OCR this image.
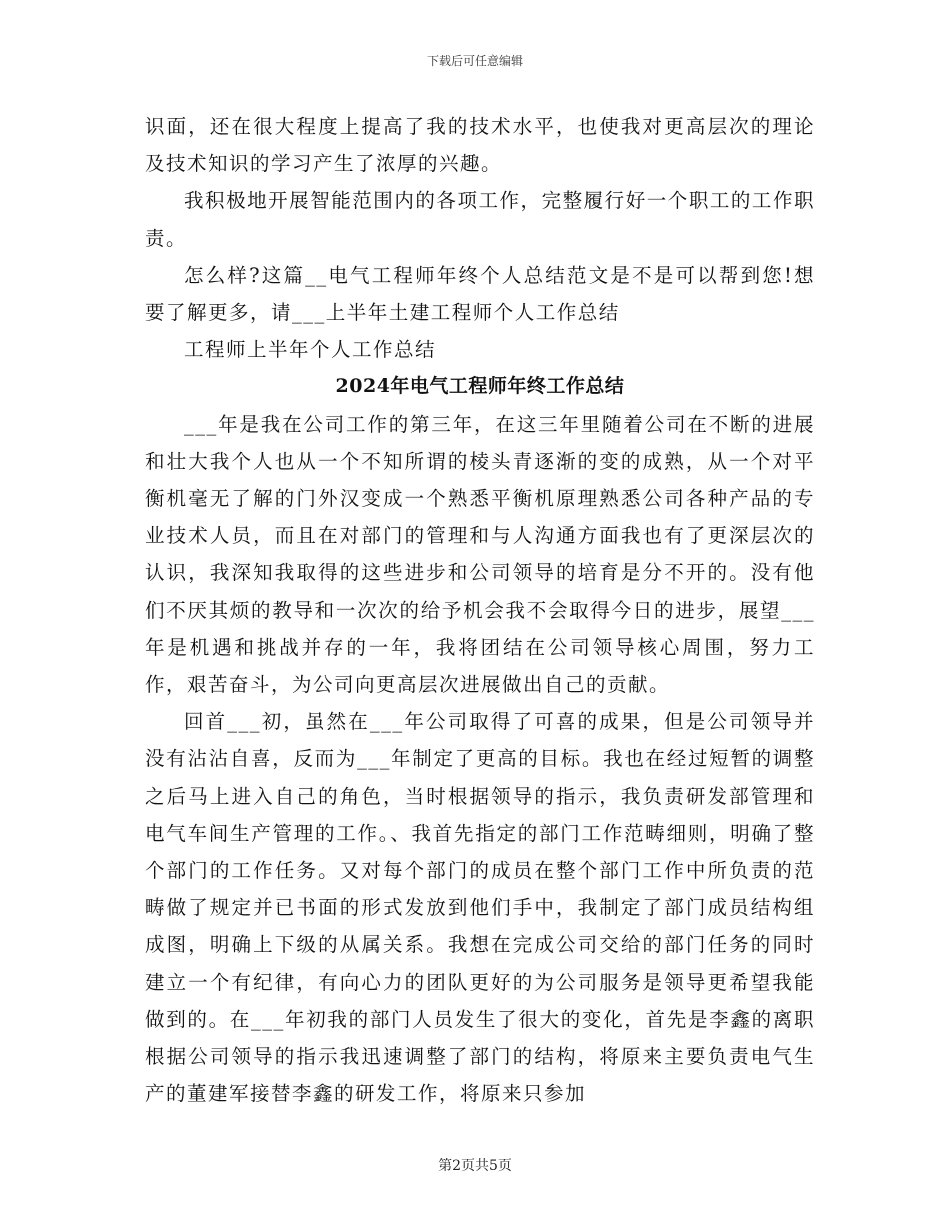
下载后可任意编辑

识面，还在很大程度上提高了我的技术水平，也使我对更高层次的理论及技术知识的学习产生了浓厚的兴趣。

我积极地开展智能范围内的各项工作，完整履行好一个职工的工作职责。

怎么样?这篇__电气工程师年终个人总结范文是不是可以帮到您!想要了解更多，请___上半年土建工程师个人工作总结

工程师上半年个人工作总结

2024年电气工程师年终工作总结

___年是我在公司工作的第三年，在这三年里随着公司在不断的进展和壮大我个人也从一个不知所谓的棱头青逐渐的变的成熟，从一个对平衡机毫无了解的门外汉变成一个熟悉平衡机原理熟悉公司各种产品的专业技术人员，而且在对部门的管理和与人沟通方面我也有了更深层次的认识，我深知我取得的这些进步和公司领导的培育是分不开的。没有他们不厌其烦的教导和一次次的给予机会我不会取得今日的进步，展望___年是机遇和挑战并存的一年，我将团结在公司领导核心周围，努力工作，艰苦奋斗，为公司向更高层次进展做出自己的贡献。

回首___初，虽然在___年公司取得了可喜的成果，但是公司领导并没有沾沾自喜，反而为___年制定了更高的目标。我也在经过短暂的调整之后马上进入自己的角色，当时根据领导的指示，我负责研发部管理和电气车间生产管理的工作。、我首先指定的部门工作范畴细则，明确了整个部门的工作任务。又对每个部门的成员在整个部门工作中所负责的范畴做了规定并已书面的形式发放到他们手中，我制定了部门成员结构组成图，明确上下级的从属关系。我想在完成公司交给的部门任务的同时建立一个有纪律，有向心力的团队更好的为公司服务是领导更希望我能做到的。在___年初我的部门人员发生了很大的变化，首先是李鑫的离职根据公司领导的指示我迅速调整了部门的结构，将原来主要负责电气生产的董建军接替李鑫的研发工作，将原来只参加

第2页共5页
